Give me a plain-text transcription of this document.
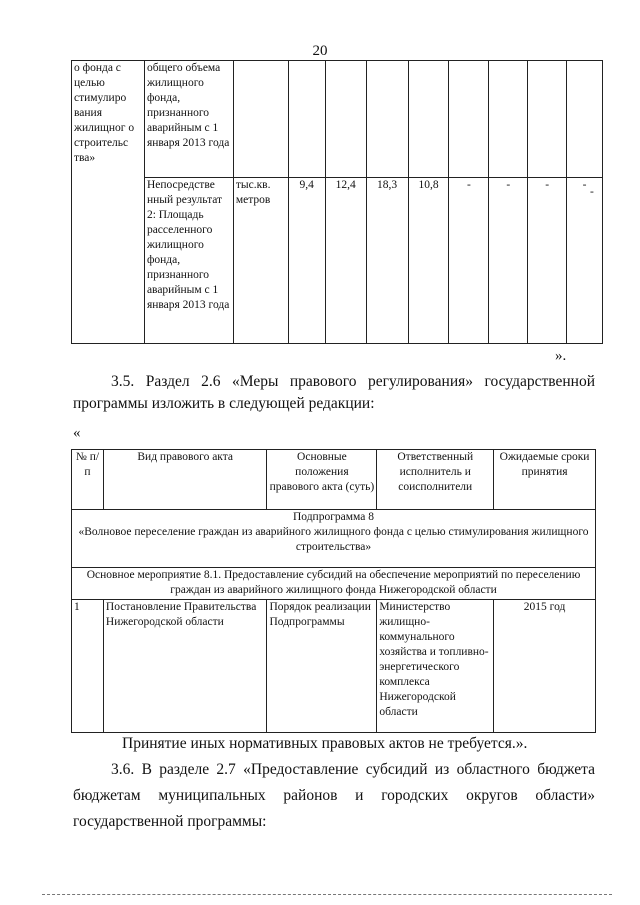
20
о фонда с целью стимулиро вания жилищног о строительс тва»	общего объема жилищного фонда, признанного аварийным с 1 января 2013 года									
	Непосредстве нный результат 2: Площадь расселенного жилищного фонда, признанного аварийным с 1 января 2013 года	тыс.кв. метров	9,4	12,4	18,3	10,8	-	-	-	-
-
».
3.5. Раздел 2.6 «Меры правового регулирования» государственной программы изложить в следующей редакции:
«
№ п/п	Вид правового акта	Основные положения правового акта (суть)	Ответственный исполнитель и соисполнители	Ожидаемые сроки принятия

Подпрограмма 8
«Волновое переселение граждан из аварийного жилищного фонда с целью стимулирования жилищного строительства»				

Основное мероприятие 8.1. Предоставление субсидий на обеспечение мероприятий по переселению граждан из аварийного жилищного фонда Нижегородской области				
1	Постановление Правительства Нижегородской области	Порядок реализации Подпрограммы	Министерство жилищно-коммунального хозяйства и топливно-энергетического комплекса Нижегородской области	2015 год
Принятие иных нормативных правовых актов не требуется.».
3.6. В разделе 2.7 «Предоставление субсидий из областного бюджета бюджетам муниципальных районов и городских округов области» государственной программы:
